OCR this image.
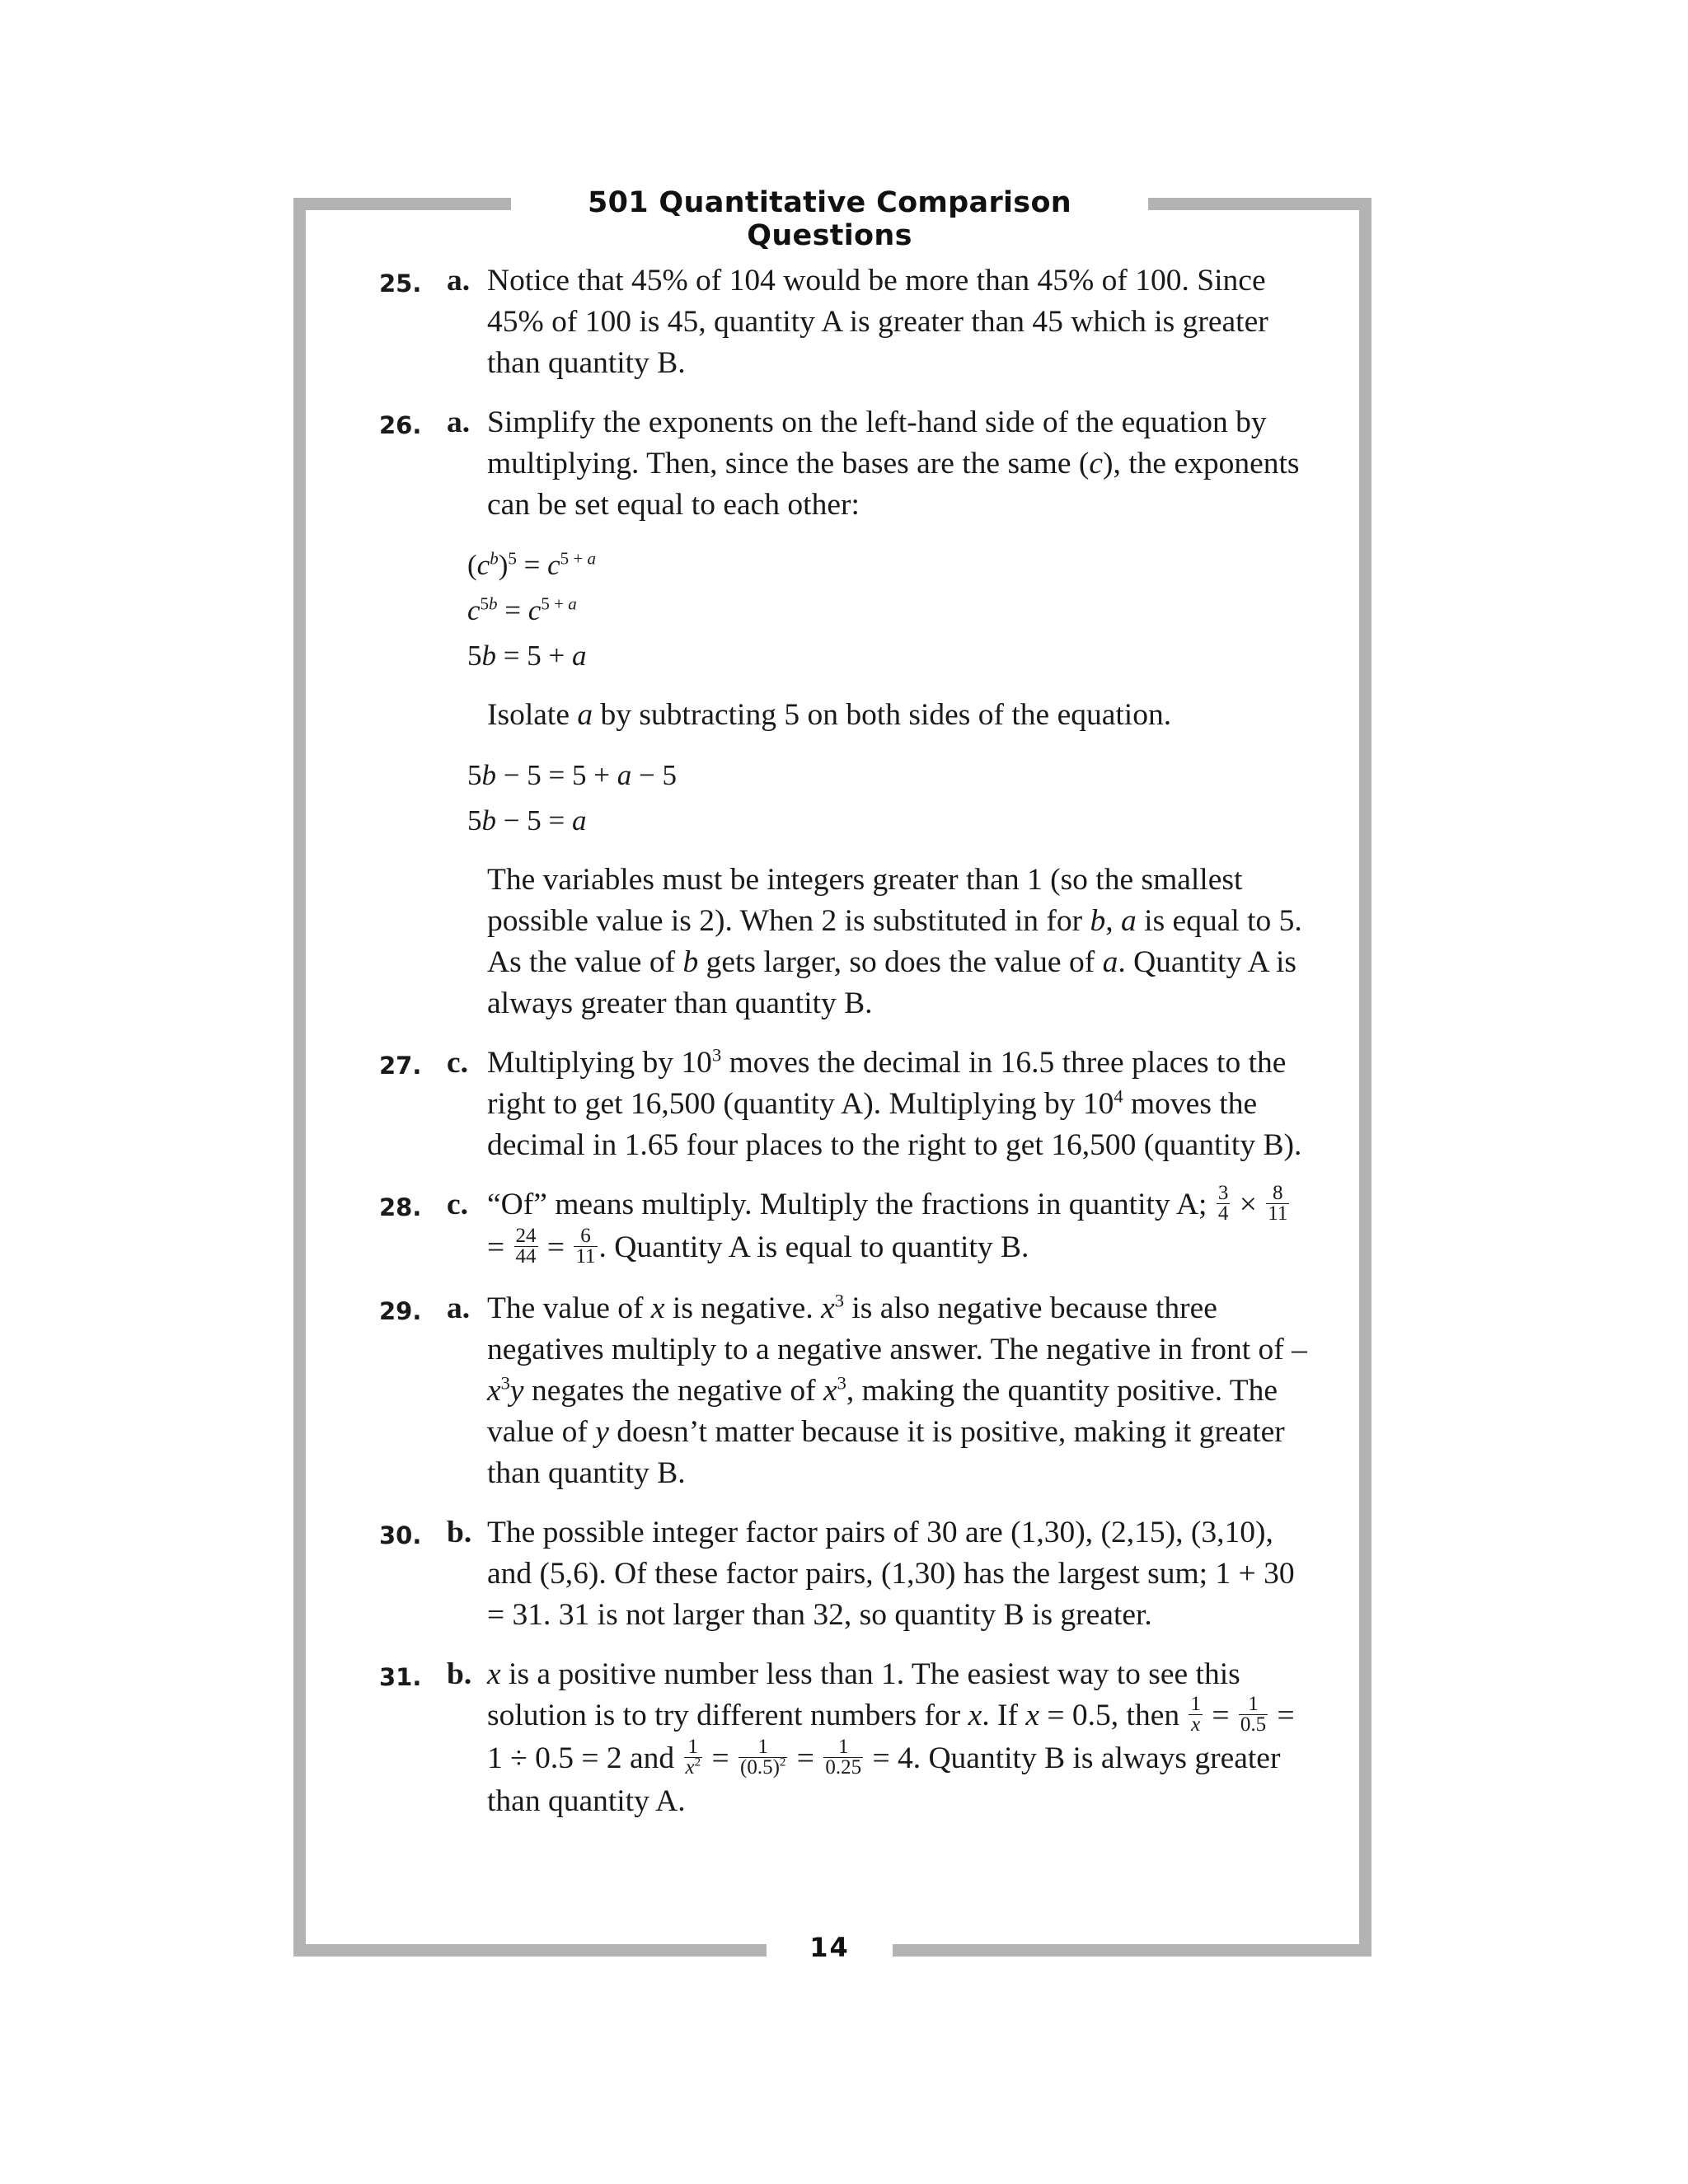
501 Quantitative Comparison Questions
14
25. a. Notice that 45% of 104 would be more than 45% of 100. Since 45% of 100 is 45, quantity A is greater than 45 which is greater than quantity B.

26. a. Simplify the exponents on the left-hand side of the equation by multiplying. Then, since the bases are the same (c), the exponents can be set equal to each other:

$(c^b)^5 = c^{5 + a}$
$c^{5b} = c^{5 + a}$
5b = 5 + a

Isolate a by subtracting 5 on both sides of the equation.

5b − 5 = 5 + a − 5
5b − 5 = a

The variables must be integers greater than 1 (so the smallest possible value is 2). When 2 is substituted in for b, a is equal to 5. As the value of b gets larger, so does the value of a. Quantity A is always greater than quantity B.

27. c. Multiplying by $10^3$ moves the decimal in 16.5 three places to the right to get 16,500 (quantity A). Multiplying by $10^4$ moves the decimal in 1.65 four places to the right to get 16,500 (quantity B).

28. c. “Of” means multiply. Multiply the fractions in quantity A; $\frac{3}{4} \times \frac{8}{11}$
= $\frac{24}{44} = \frac{6}{11}$ . Quantity A is equal to quantity B.

29. a. The value of x is negative. $x^3$ is also negative because three negatives multiply to a negative answer. The negative in front of $-x^3y$ negates the negative of $x^3$, making the quantity positive. The value of y doesn’t matter because it is positive, making it greater than quantity B.

30. b. The possible integer factor pairs of 30 are (1,30), (2,15), (3,10), and (5,6). Of these factor pairs, (1,30) has the largest sum; 1 + 30 = 31. 31 is not larger than 32, so quantity B is greater.

31. b. x is a positive number less than 1. The easiest way to see this solution is to try different numbers for x. If x = 0.5, then $\frac{1}{x} = \frac{1}{0.5} = 1 \div 0.5 = 2$ and $\frac{1}{x^2} = \frac{1}{(0.5)^2} = \frac{1}{0.25} = 4$. Quantity B is always greater than quantity A.
